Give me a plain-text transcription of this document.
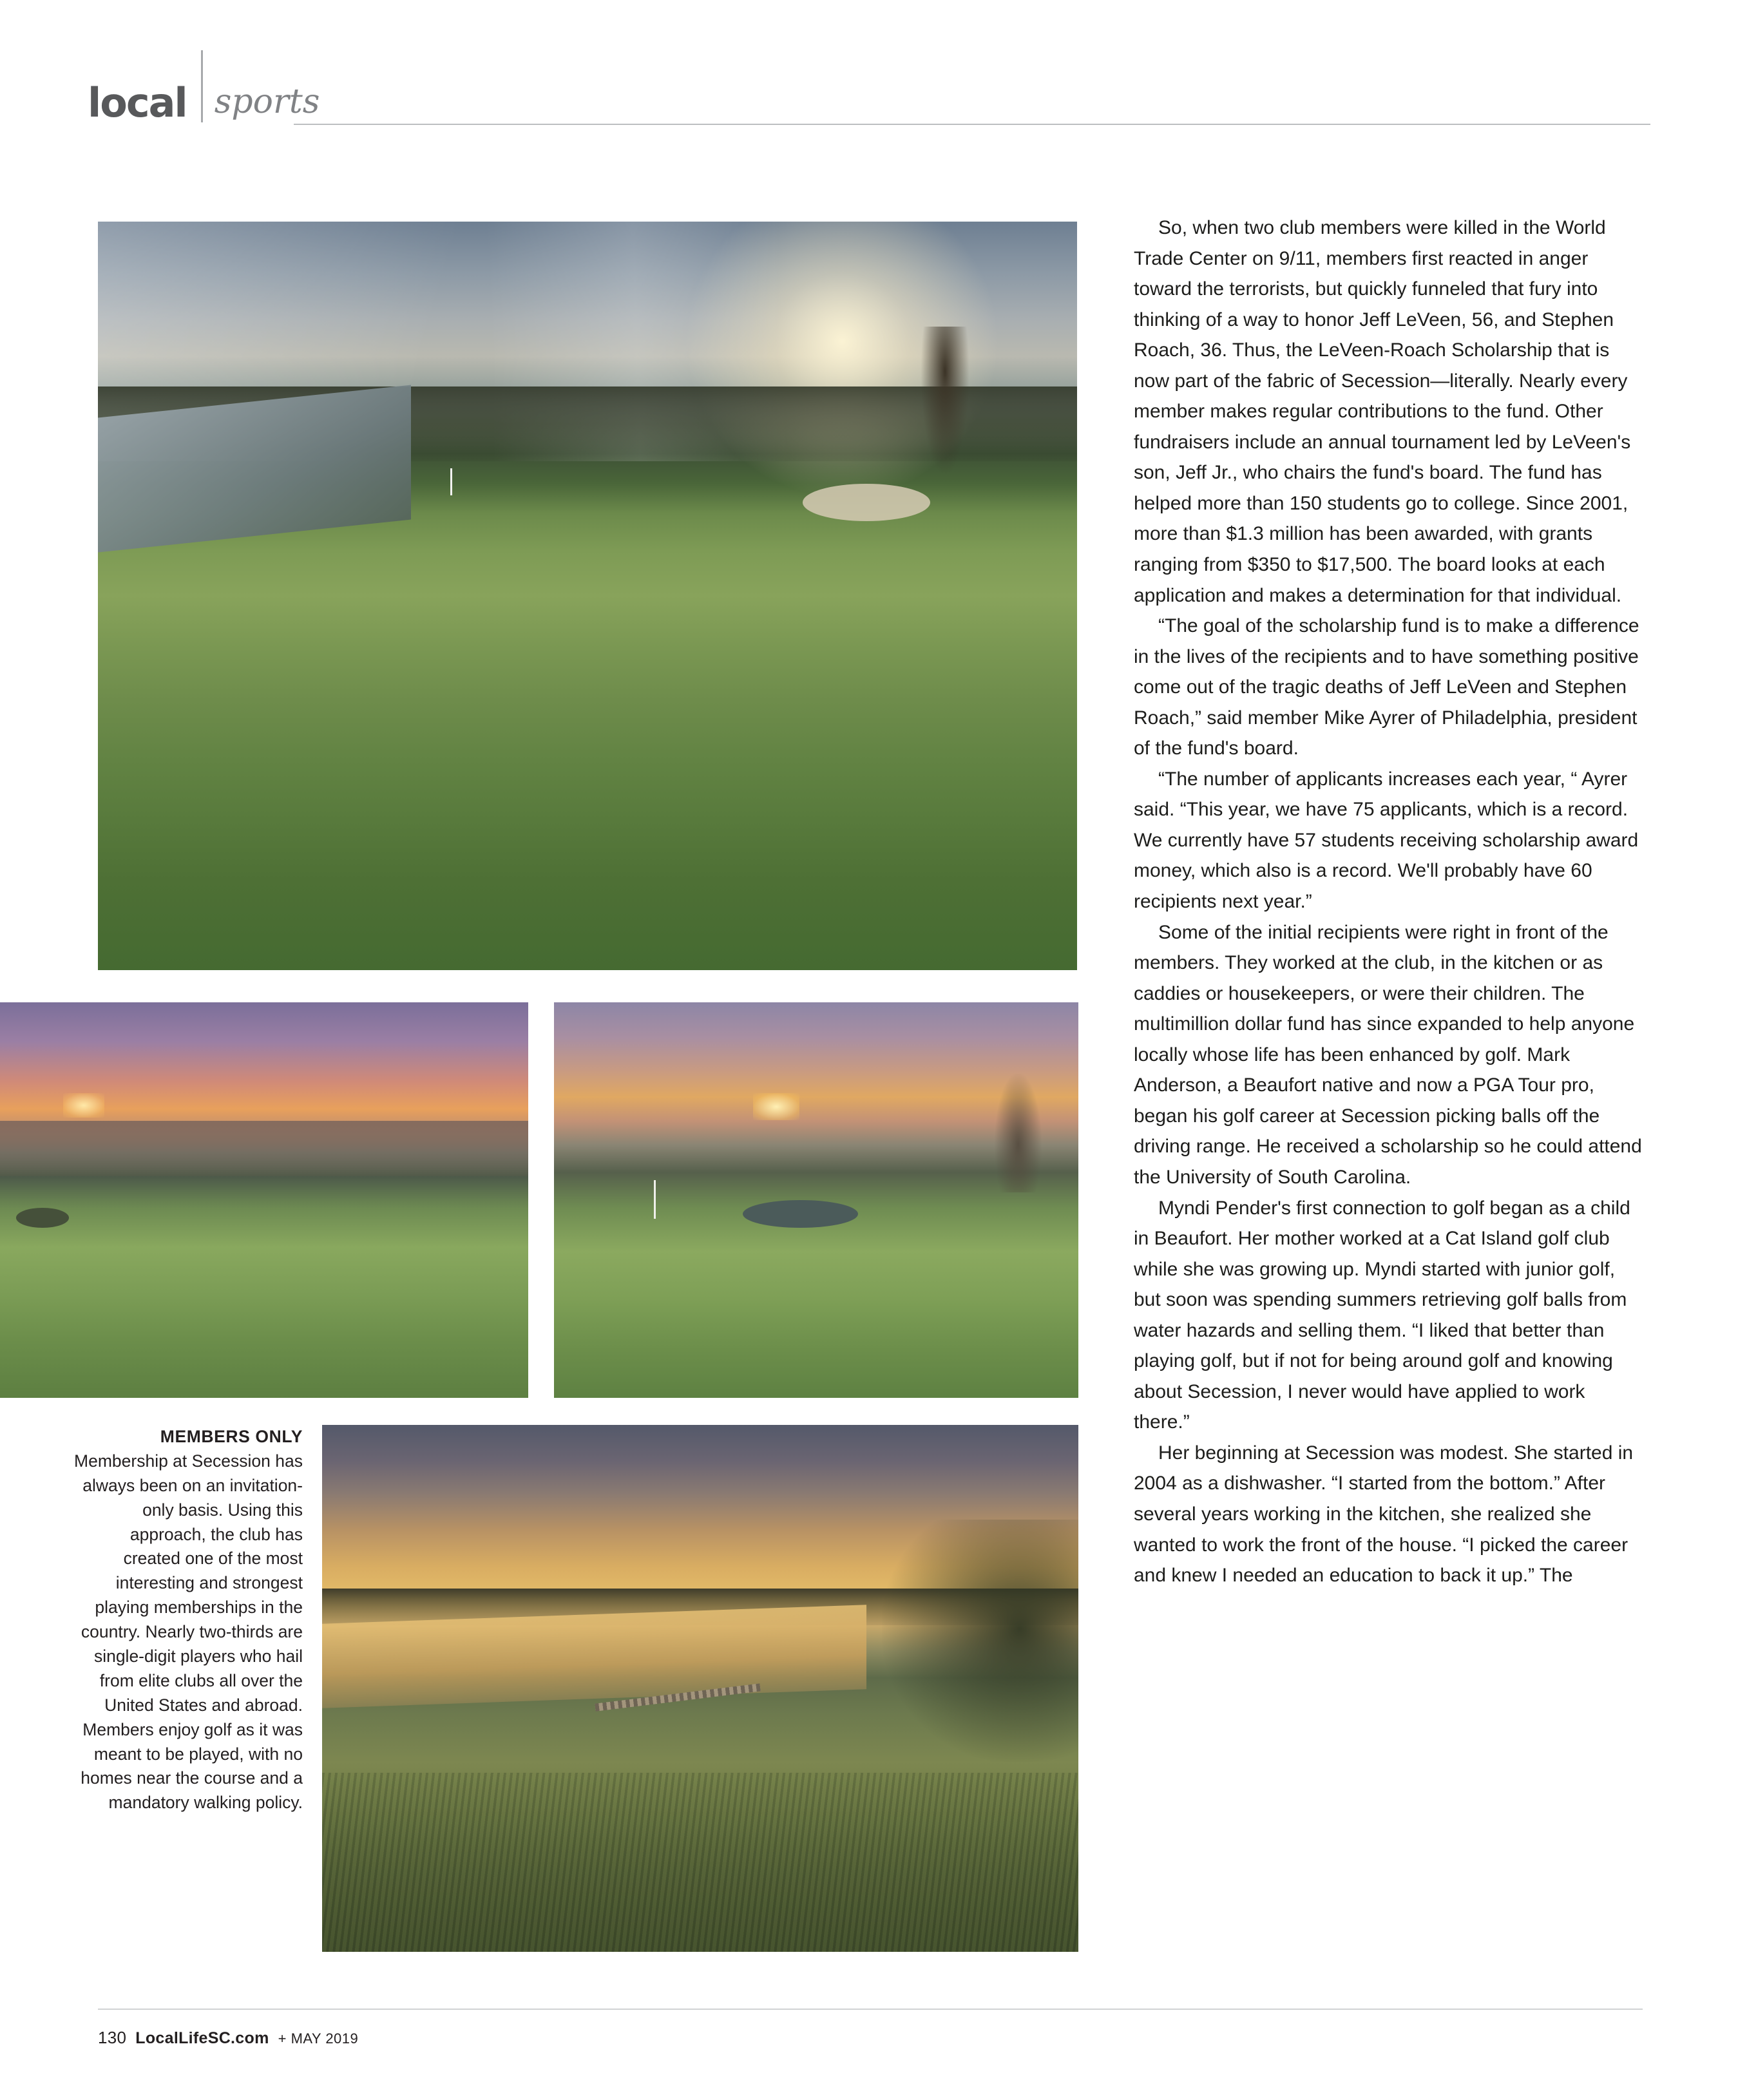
local sports
MEMBERS ONLY Membership at Secession has always been on an invitation-only basis. Using this approach, the club has created one of the most interesting and strongest playing memberships in the country. Nearly two-thirds are single-digit players who hail from elite clubs all over the United States and abroad. Members enjoy golf as it was meant to be played, with no homes near the course and a mandatory walking policy.

So, when two club members were killed in the World Trade Center on 9/11, members first reacted in anger toward the terrorists, but quickly funneled that fury into thinking of a way to honor Jeff LeVeen, 56, and Stephen Roach, 36. Thus, the LeVeen-Roach Scholarship that is now part of the fabric of Secession—literally. Nearly every member makes regular contributions to the fund. Other fundraisers include an annual tournament led by LeVeen's son, Jeff Jr., who chairs the fund's board. The fund has helped more than 150 students go to college. Since 2001, more than $1.3 million has been awarded, with grants ranging from $350 to $17,500. The board looks at each application and makes a determination for that individual.

“The goal of the scholarship fund is to make a difference in the lives of the recipients and to have something positive come out of the tragic deaths of Jeff LeVeen and Stephen Roach,” said member Mike Ayrer of Philadelphia, president of the fund's board.

“The number of applicants increases each year, “ Ayrer said. “This year, we have 75 applicants, which is a record. We currently have 57 students receiving scholarship award money, which also is a record. We'll probably have 60 recipients next year.”

Some of the initial recipients were right in front of the members. They worked at the club, in the kitchen or as caddies or housekeepers, or were their children. The multimillion dollar fund has since expanded to help anyone locally whose life has been enhanced by golf. Mark Anderson, a Beaufort native and now a PGA Tour pro, began his golf career at Secession picking balls off the driving range. He received a scholarship so he could attend the University of South Carolina.

Myndi Pender's first connection to golf began as a child in Beaufort. Her mother worked at a Cat Island golf club while she was growing up. Myndi started with junior golf, but soon was spending summers retrieving golf balls from water hazards and selling them. “I liked that better than playing golf, but if not for being around golf and knowing about Secession, I never would have applied to work there.”

Her beginning at Secession was modest. She started in 2004 as a dishwasher. “I started from the bottom.” After several years working in the kitchen, she realized she wanted to work the front of the house. “I picked the career and knew I needed an education to back it up.” The

130 LocalLifeSC.com + MAY 2019
